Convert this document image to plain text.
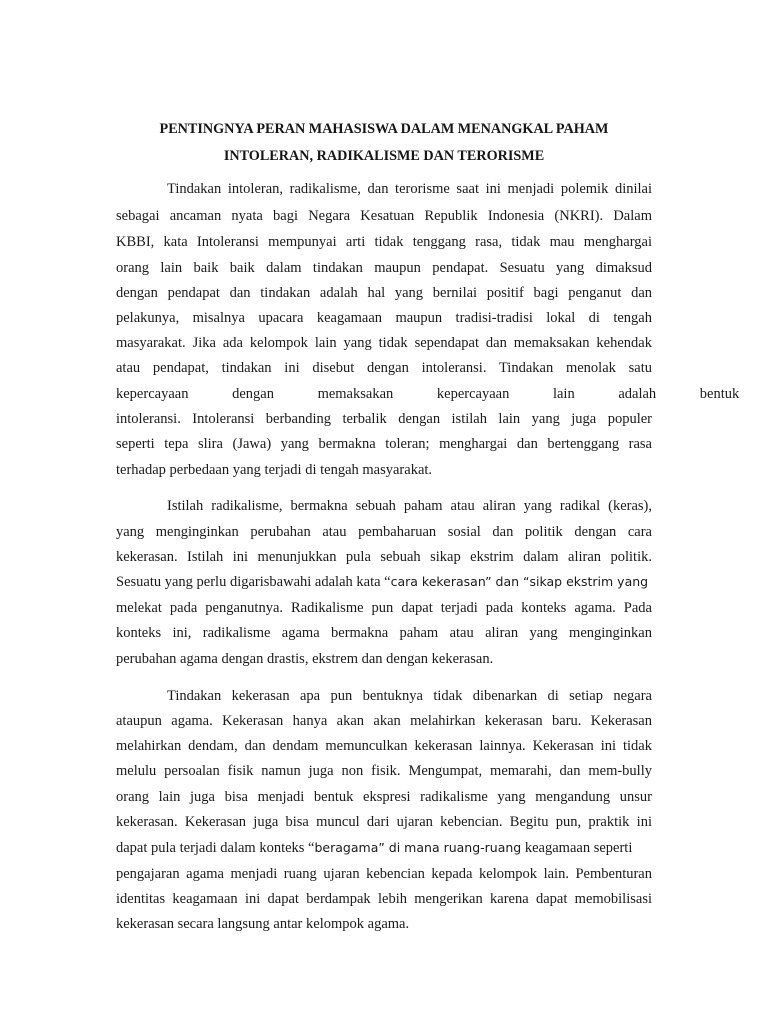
PENTINGNYA PERAN MAHASISWA DALAM MENANGKAL PAHAM

INTOLERAN, RADIKALISME DAN TERORISME

Tindakan intoleran, radikalisme, dan terorisme saat ini menjadi polemik dinilai

sebagai ancaman nyata bagi Negara Kesatuan Republik Indonesia (NKRI). Dalam

KBBI, kata Intoleransi mempunyai arti tidak tenggang rasa, tidak mau menghargai

orang lain baik baik dalam tindakan maupun pendapat. Sesuatu yang dimaksud

dengan pendapat dan tindakan adalah hal yang bernilai positif bagi penganut dan

pelakunya, misalnya upacara keagamaan maupun tradisi-tradisi lokal di tengah

masyarakat. Jika ada kelompok lain yang tidak sependapat dan memaksakan kehendak

atau pendapat, tindakan ini disebut dengan intoleransi. Tindakan menolak satu

kepercayaan dengan memaksakan kepercayaan lain adalah bentuk

intoleransi. Intoleransi berbanding terbalik dengan istilah lain yang juga populer

seperti tepa slira (Jawa) yang bermakna toleran; menghargai dan bertenggang rasa

terhadap perbedaan yang terjadi di tengah masyarakat.

Istilah radikalisme, bermakna sebuah paham atau aliran yang radikal (keras),

yang menginginkan perubahan atau pembaharuan sosial dan politik dengan cara

kekerasan. Istilah ini menunjukkan pula sebuah sikap ekstrim dalam aliran politik.

Sesuatu yang perlu digarisbawahi adalah kata “cara kekerasan” dan “sikap ekstrim yang

melekat pada penganutnya. Radikalisme pun dapat terjadi pada konteks agama. Pada

konteks ini, radikalisme agama bermakna paham atau aliran yang menginginkan

perubahan agama dengan drastis, ekstrem dan dengan kekerasan.

Tindakan kekerasan apa pun bentuknya tidak dibenarkan di setiap negara

ataupun agama. Kekerasan hanya akan akan melahirkan kekerasan baru. Kekerasan

melahirkan dendam, dan dendam memunculkan kekerasan lainnya. Kekerasan ini tidak

melulu persoalan fisik namun juga non fisik. Mengumpat, memarahi, dan mem-bully

orang lain juga bisa menjadi bentuk ekspresi radikalisme yang mengandung unsur

kekerasan. Kekerasan juga bisa muncul dari ujaran kebencian. Begitu pun, praktik ini

dapat pula terjadi dalam konteks “beragama” di mana ruang-ruang keagamaan seperti

pengajaran agama menjadi ruang ujaran kebencian kepada kelompok lain. Pembenturan

identitas keagamaan ini dapat berdampak lebih mengerikan karena dapat memobilisasi

kekerasan secara langsung antar kelompok agama.
